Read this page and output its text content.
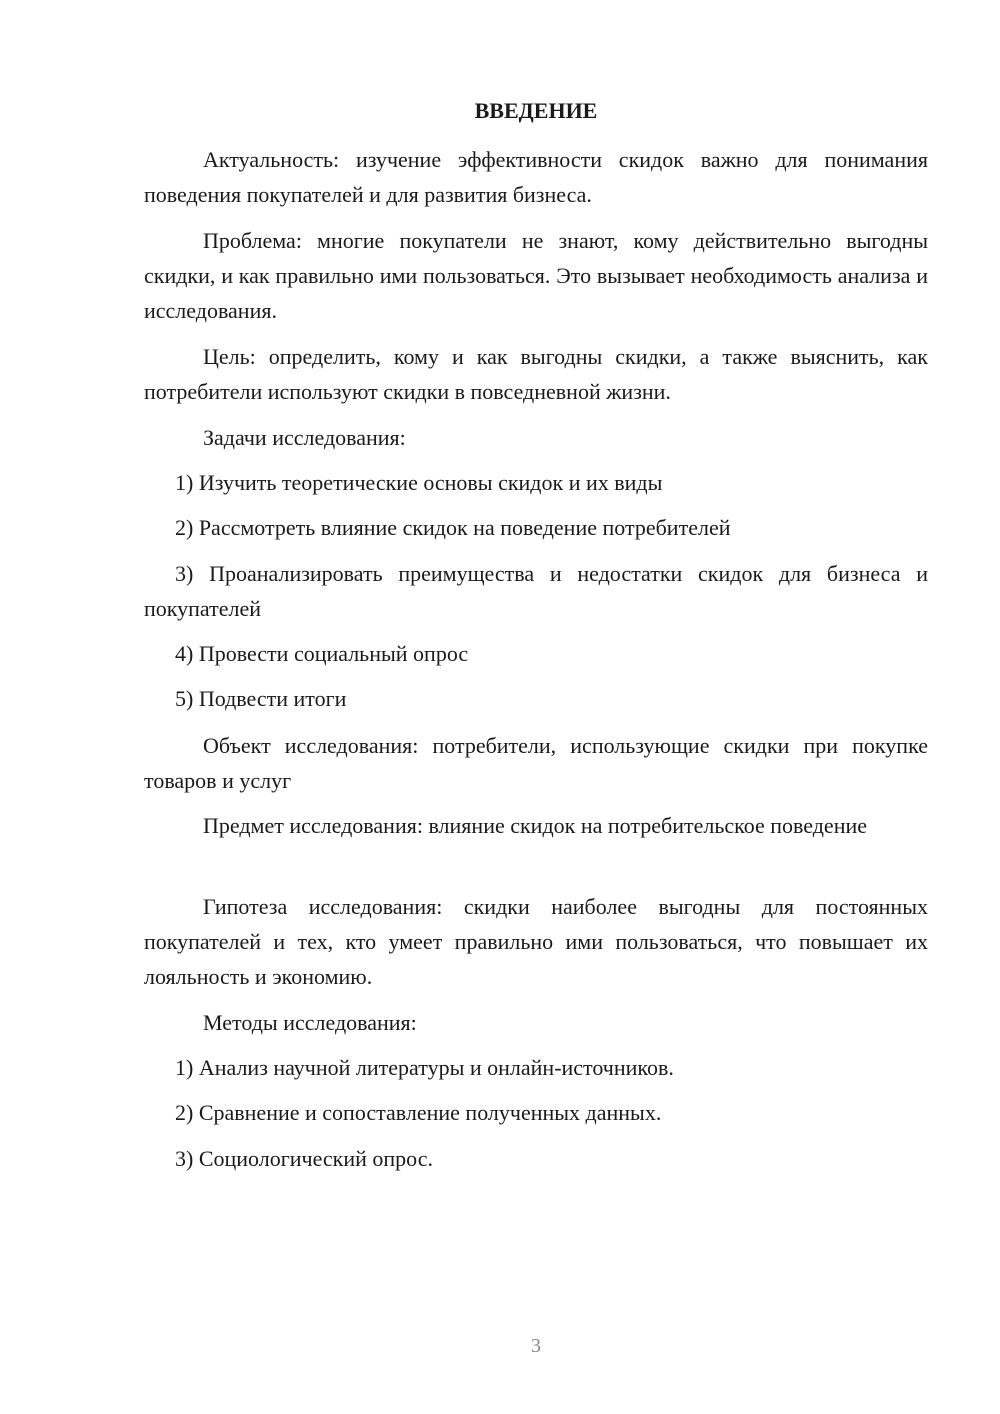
ВВЕДЕНИЕ
Актуальность: изучение эффективности скидок важно для понимания поведения покупателей и для развития бизнеса.
Проблема: многие покупатели не знают, кому действительно выгодны скидки, и как правильно ими пользоваться. Это вызывает необходимость анализа и исследования.
Цель: определить, кому и как выгодны скидки, а также выяснить, как потребители используют скидки в повседневной жизни.
Задачи исследования:
1) Изучить теоретические основы скидок и их виды
2) Рассмотреть влияние скидок на поведение потребителей
3) Проанализировать преимущества и недостатки скидок для бизнеса и покупателей
4) Провести социальный опрос
5) Подвести итоги
Объект исследования: потребители, использующие скидки при покупке товаров и услуг
Предмет исследования: влияние скидок на потребительское поведение
Гипотеза исследования: скидки наиболее выгодны для постоянных покупателей и тех, кто умеет правильно ими пользоваться, что повышает их лояльность и экономию.
Методы исследования:
1) Анализ научной литературы и онлайн-источников.
2) Сравнение и сопоставление полученных данных.
3) Социологический опрос.
3
